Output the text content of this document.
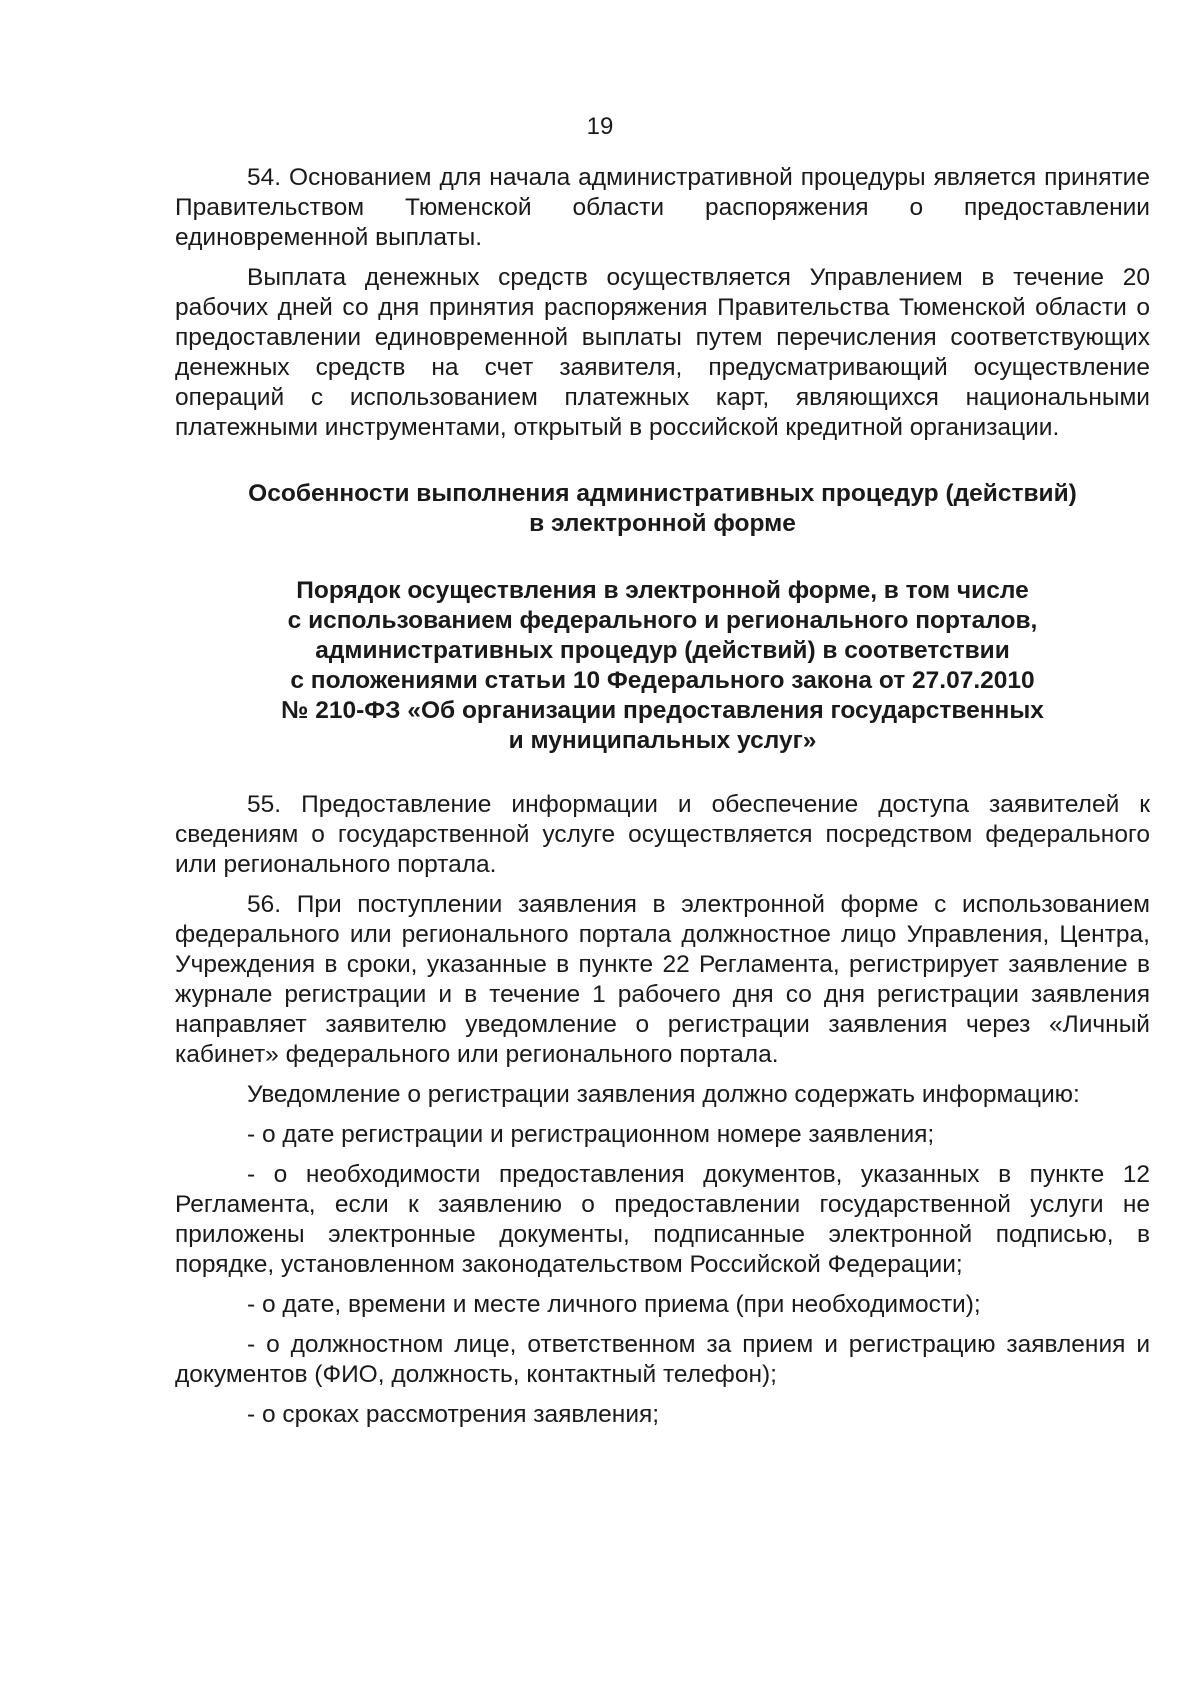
19

54. Основанием для начала административной процедуры является принятие Правительством Тюменской области распоряжения о предоставлении единовременной выплаты.

Выплата денежных средств осуществляется Управлением в течение 20 рабочих дней со дня принятия распоряжения Правительства Тюменской области о предоставлении единовременной выплаты путем перечисления соответствующих денежных средств на счет заявителя, предусматривающий осуществление операций с использованием платежных карт, являющихся национальными платежными инструментами, открытый в российской кредитной организации.

Особенности выполнения административных процедур (действий)
в электронной форме
Порядок осуществления в электронной форме, в том числе
с использованием федерального и регионального порталов,
административных процедур (действий) в соответствии
с положениями статьи 10 Федерального закона от 27.07.2010
№ 210-ФЗ «Об организации предоставления государственных
и муниципальных услуг»

55. Предоставление информации и обеспечение доступа заявителей к сведениям о государственной услуге осуществляется посредством федерального или регионального портала.

56. При поступлении заявления в электронной форме с использованием федерального или регионального портала должностное лицо Управления, Центра, Учреждения в сроки, указанные в пункте 22 Регламента, регистрирует заявление в журнале регистрации и в течение 1 рабочего дня со дня регистрации заявления направляет заявителю уведомление о регистрации заявления через «Личный кабинет» федерального или регионального портала.

Уведомление о регистрации заявления должно содержать информацию:

- о дате регистрации и регистрационном номере заявления;

- о необходимости предоставления документов, указанных в пункте 12 Регламента, если к заявлению о предоставлении государственной услуги не приложены электронные документы, подписанные электронной подписью, в порядке, установленном законодательством Российской Федерации;

- о дате, времени и месте личного приема (при необходимости);

- о должностном лице, ответственном за прием и регистрацию заявления и документов (ФИО, должность, контактный телефон);

- о сроках рассмотрения заявления;
